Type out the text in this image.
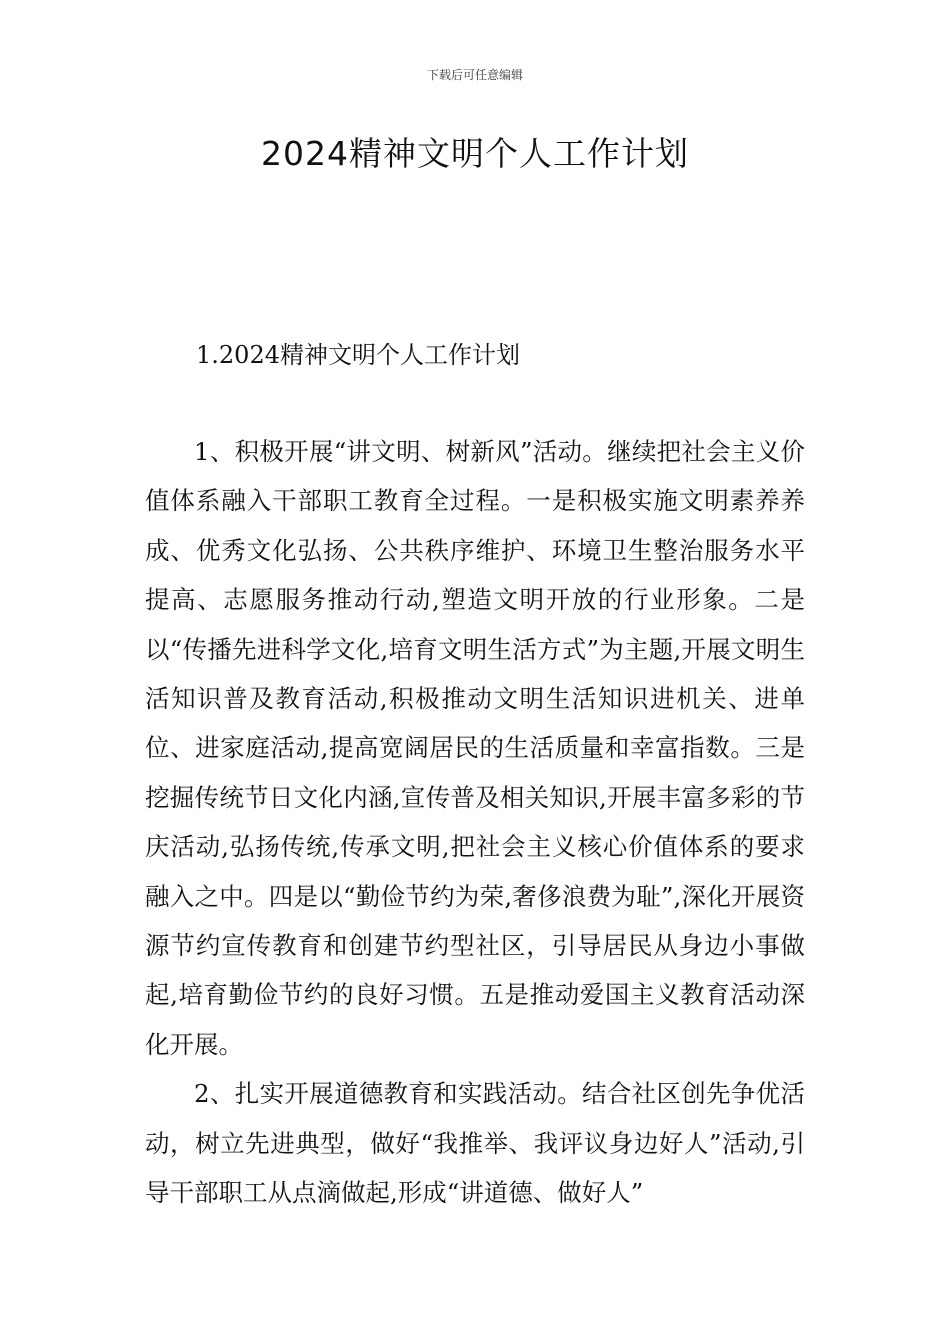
下载后可任意编辑
2024精神文明个人工作计划
1.2024精神文明个人工作计划

1、积极开展“讲文明、树新风”活动。继续把社会主义价值体系融入干部职工教育全过程。一是积极实施文明素养养成、优秀文化弘扬、公共秩序维护、环境卫生整治服务水平提高、志愿服务推动行动,塑造文明开放的行业形象。二是以“传播先进科学文化,培育文明生活方式”为主题,开展文明生活知识普及教育活动,积极推动文明生活知识进机关、进单位、进家庭活动,提高宽阔居民的生活质量和幸富指数。三是挖掘传统节日文化内涵,宣传普及相关知识,开展丰富多彩的节庆活动,弘扬传统,传承文明,把社会主义核心价值体系的要求融入之中。四是以“勤俭节约为荣,奢侈浪费为耻”,深化开展资源节约宣传教育和创建节约型社区，引导居民从身边小事做起,培育勤俭节约的良好习惯。五是推动爱国主义教育活动深化开展。

2、扎实开展道德教育和实践活动。结合社区创先争优活动，树立先进典型，做好“我推举、我评议身边好人”活动,引导干部职工从点滴做起,形成“讲道德、做好人”
